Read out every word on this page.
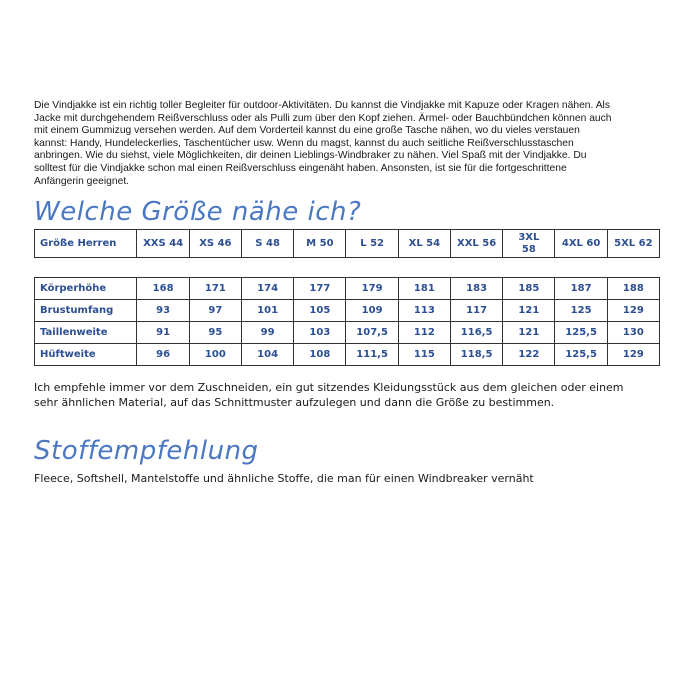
Die Vindjakke ist ein richtig toller Begleiter für outdoor-Aktivitäten. Du kannst die Vindjakke mit Kapuze oder Kragen nähen. Als Jacke mit durchgehendem Reißverschluss oder als Pulli zum über den Kopf ziehen. Ärmel- oder Bauchbündchen können auch mit einem Gummizug versehen werden. Auf dem Vorderteil kannst du eine große Tasche nähen, wo du vieles verstauen kannst: Handy, Hundeleckerlies, Taschentücher usw. Wenn du magst, kannst du auch seitliche Reißverschlusstaschen anbringen. Wie du siehst, viele Möglichkeiten, dir deinen Lieblings-Windbraker zu nähen. Viel Spaß mit der Vindjakke. Du solltest für die Vindjakke schon mal einen Reißverschluss eingenäht haben. Ansonsten, ist sie für die fortgeschrittene Anfängerin geeignet.

Welche Größe nähe ich?
Größe Herren	XXS 44	XS 46	S 48	M 50	L 52	XL 54	XXL 56	3XL 58	4XL 60	5XL 62
Körperhöhe	168	171	174	177	179	181	183	185	187	188
Brustumfang	93	97	101	105	109	113	117	121	125	129
Taillenweite	91	95	99	103	107,5	112	116,5	121	125,5	130
Hüftweite	96	100	104	108	111,5	115	118,5	122	125,5	129

Ich empfehle immer vor dem Zuschneiden, ein gut sitzendes Kleidungsstück aus dem gleichen oder einem sehr ähnlichen Material, auf das Schnittmuster aufzulegen und dann die Größe zu bestimmen.

Stoffempfehlung

Fleece, Softshell, Mantelstoffe und ähnliche Stoffe, die man für einen Windbreaker vernäht
